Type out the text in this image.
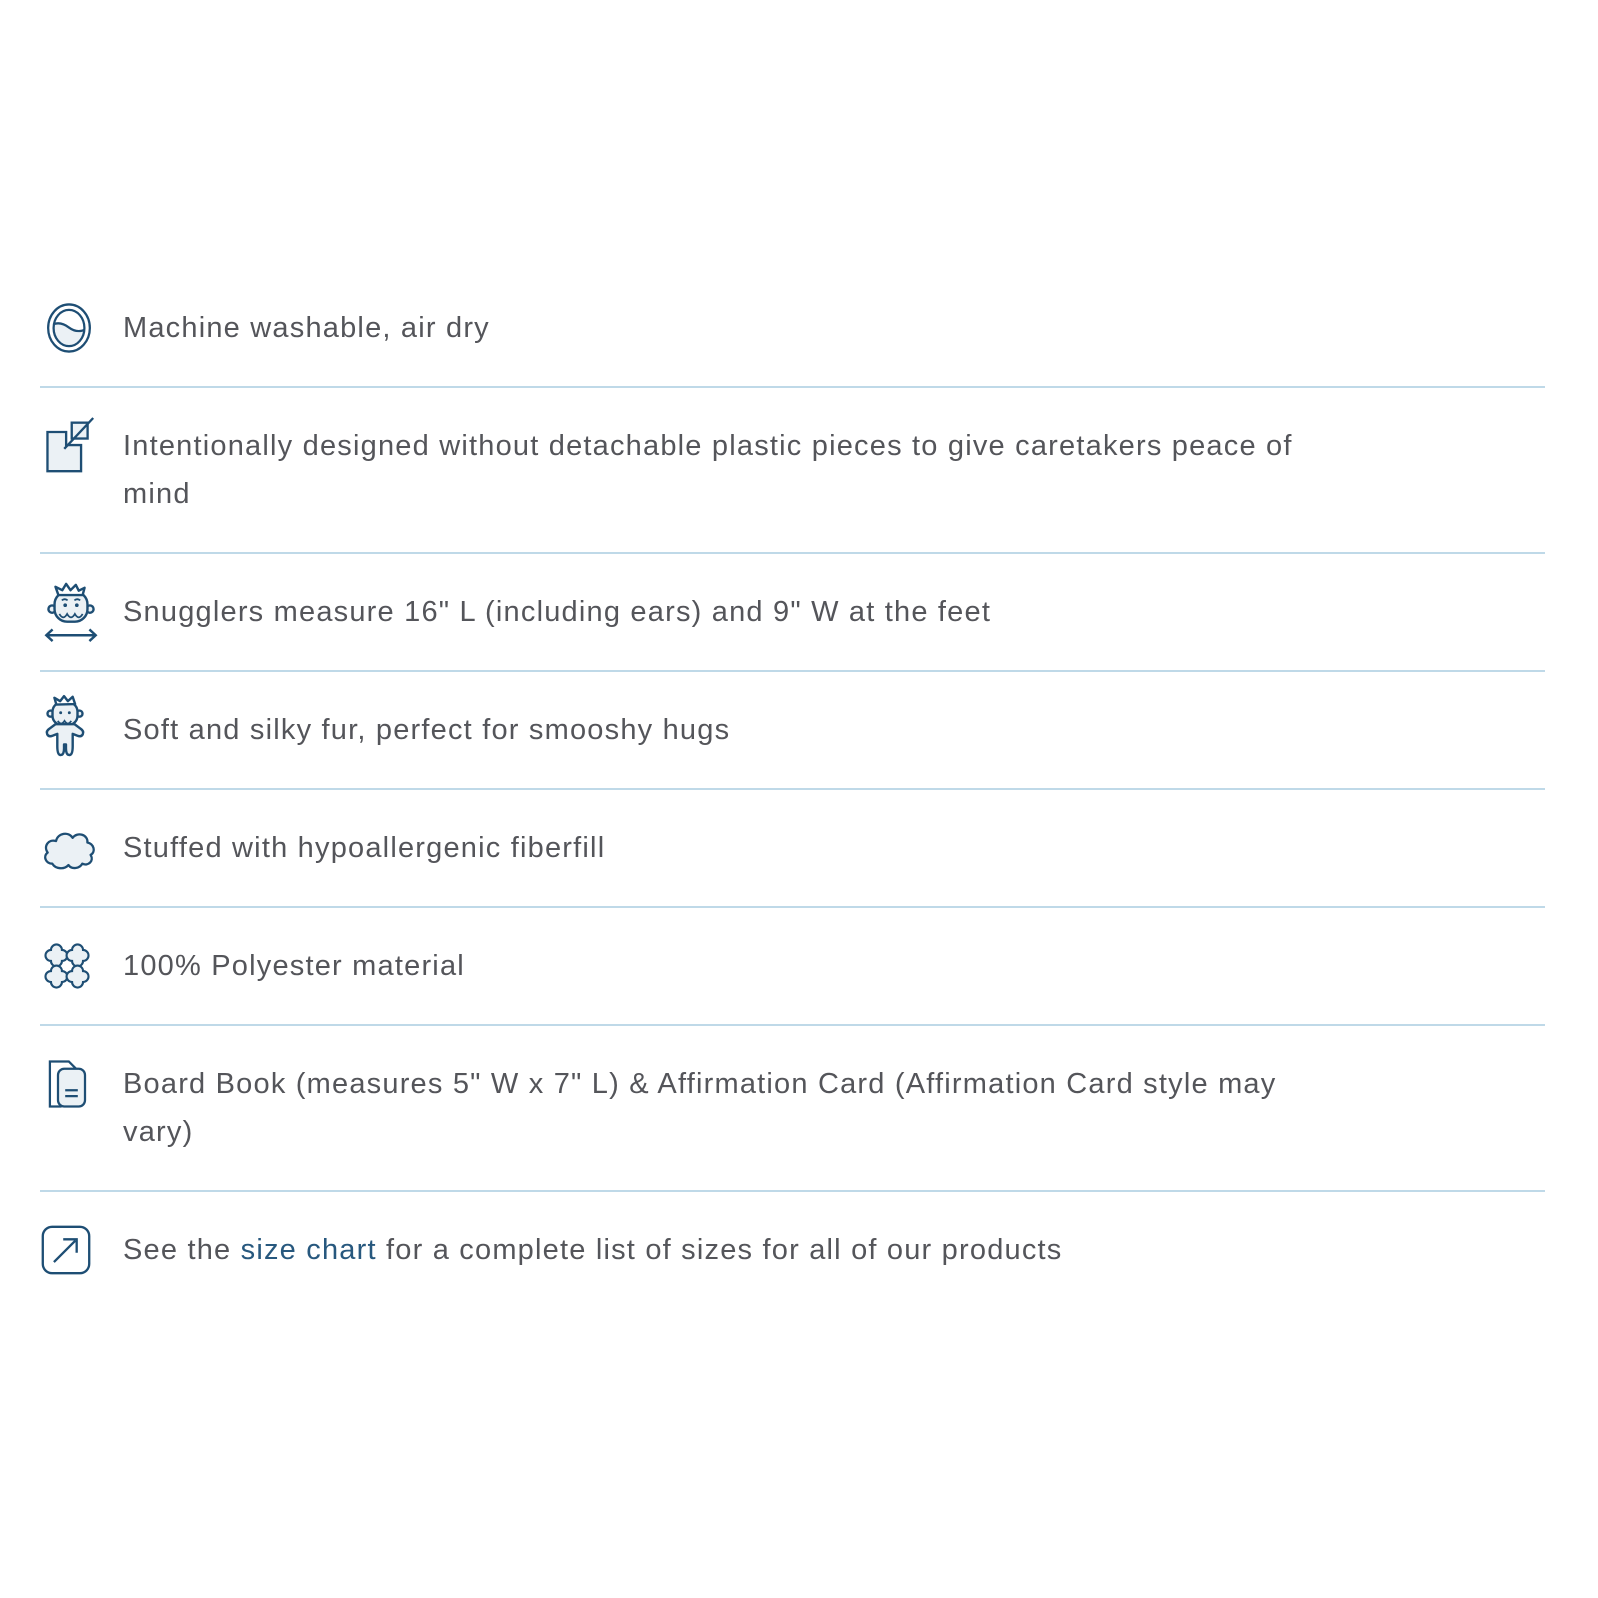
Machine washable, air dry

Intentionally designed without detachable plastic pieces to give caretakers peace of mind

Snugglers measure 16" L (including ears) and 9" W at the feet

Soft and silky fur, perfect for smooshy hugs

Stuffed with hypoallergenic fiberfill

100% Polyester material

Board Book (measures 5" W x 7" L) & Affirmation Card (Affirmation Card style may vary)

See the size chart for a complete list of sizes for all of our products
